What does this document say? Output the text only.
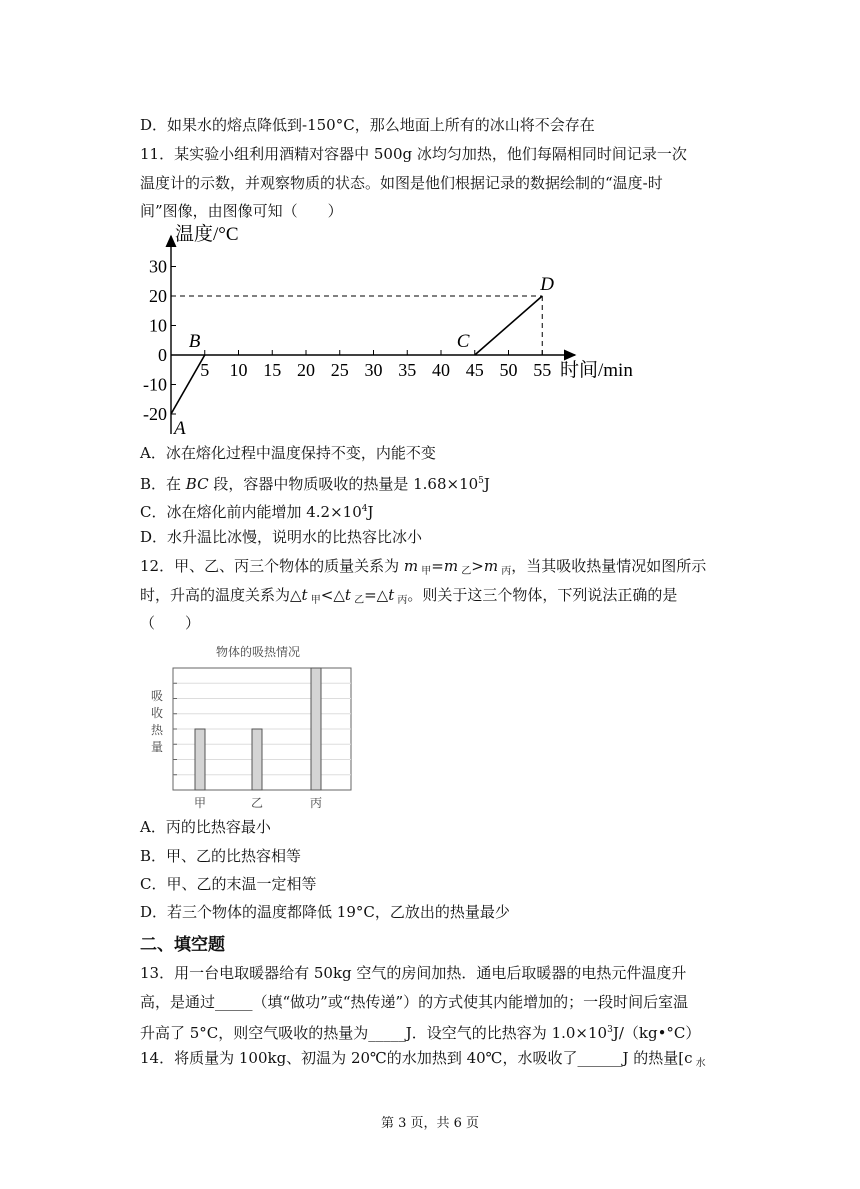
D．如果水的熔点降低到-150°C，那么地面上所有的冰山将不会存在
11．某实验小组利用酒精对容器中 500g 冰均匀加热，他们每隔相同时间记录一次
温度计的示数，并观察物质的状态。如图是他们根据记录的数据绘制的“温度-时
间”图像，由图像可知（　　）
5 10 15 20 25 30 35 40 45 50 55
30
20
10
0
-10
-20
A
B	C
D
温度/°C
时间/min
A．冰在熔化过程中温度保持不变，内能不变
B．在 BC 段，容器中物质吸收的热量是 $1.68\times 10^5J$
C．冰在熔化前内能增加 $4.2\times 10^4J$
D．水升温比冰慢，说明水的比热容比冰小
12．甲、乙、丙三个物体的质量关系为 m $_甲$=m $_乙$>m $_丙$，当其吸收热量情况如图所示
时，升高的温度关系为△t $_甲$<△t $_乙$=△t $_丙$。则关于这三个物体，下列说法正确的是
（　　）
物体的吸热情况
甲	乙	丙
吸
收
热
量
A．丙的比热容最小
B．甲、乙的比热容相等
C．甲、乙的末温一定相等
D．若三个物体的温度都降低 19°C，乙放出的热量最少
二、填空题
13．用一台电取暖器给有 50kg 空气的房间加热．通电后取暖器的电热元件温度升
高，是通过_____（填“做功”或“热传递”）的方式使其内能增加的；一段时间后室温
升高了 5°C，则空气吸收的热量为_____J．设空气的比热容为 $1.0\times 10^3J/(kg•^\circ C)$
14．将质量为 100kg、初温为 20℃的水加热到 40℃，水吸收了______J 的热量[c $_水$
第 3 页，共 6 页
